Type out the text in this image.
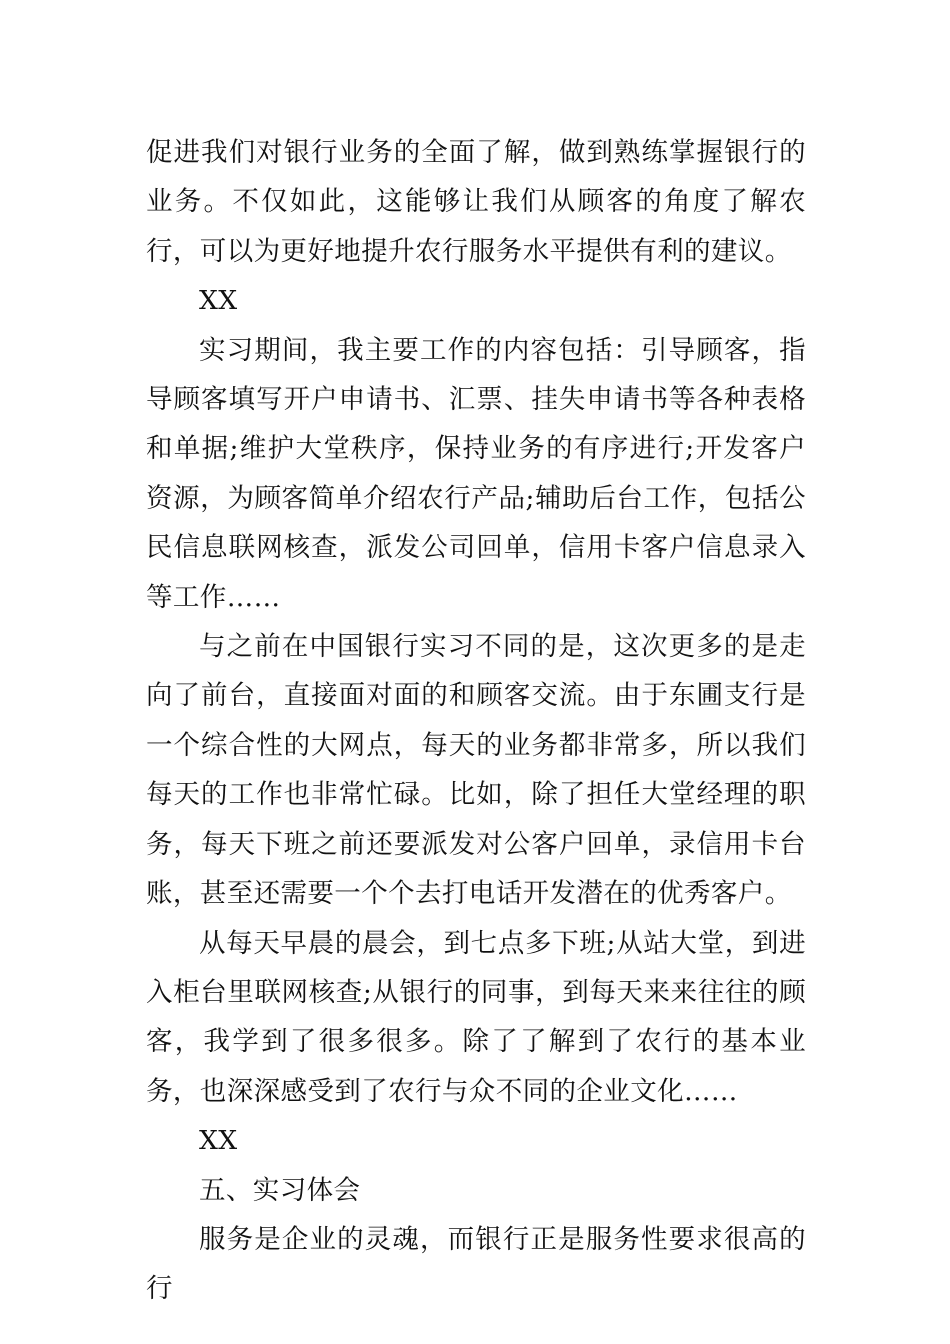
促进我们对银行业务的全面了解，做到熟练掌握银行的业务。不仅如此，这能够让我们从顾客的角度了解农行，可以为更好地提升农行服务水平提供有利的建议。

XX

实习期间，我主要工作的内容包括：引导顾客，指导顾客填写开户申请书、汇票、挂失申请书等各种表格和单据;维护大堂秩序，保持业务的有序进行;开发客户资源，为顾客简单介绍农行产品;辅助后台工作，包括公民信息联网核查，派发公司回单，信用卡客户信息录入等工作……

与之前在中国银行实习不同的是，这次更多的是走向了前台，直接面对面的和顾客交流。由于东圃支行是一个综合性的大网点，每天的业务都非常多，所以我们每天的工作也非常忙碌。比如，除了担任大堂经理的职务，每天下班之前还要派发对公客户回单，录信用卡台账，甚至还需要一个个去打电话开发潜在的优秀客户。

从每天早晨的晨会，到七点多下班;从站大堂，到进入柜台里联网核查;从银行的同事，到每天来来往往的顾客，我学到了很多很多。除了了解到了农行的基本业务，也深深感受到了农行与众不同的企业文化……

XX

五、实习体会

服务是企业的灵魂，而银行正是服务性要求很高的行
